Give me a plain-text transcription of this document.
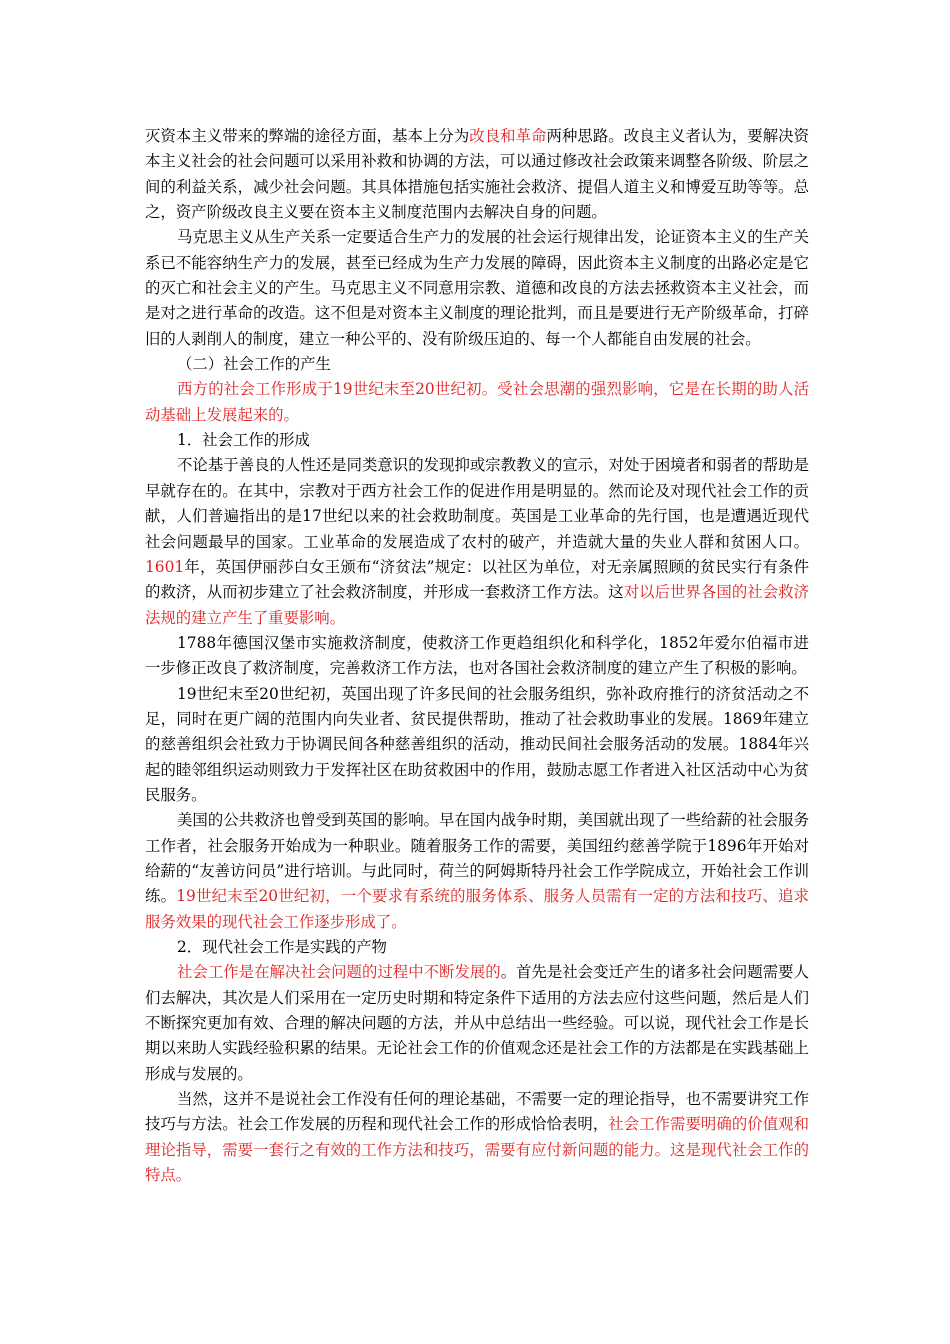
灭资本主义带来的弊端的途径方面，基本上分为改良和革命两种思路。改良主义者认为，要解决资本主义社会的社会问题可以采用补救和协调的方法，可以通过修改社会政策来调整各阶级、阶层之间的利益关系，减少社会问题。其具体措施包括实施社会救济、提倡人道主义和博爱互助等等。总之，资产阶级改良主义要在资本主义制度范围内去解决自身的问题。

马克思主义从生产关系一定要适合生产力的发展的社会运行规律出发，论证资本主义的生产关系已不能容纳生产力的发展，甚至已经成为生产力发展的障碍，因此资本主义制度的出路必定是它的灭亡和社会主义的产生。马克思主义不同意用宗教、道德和改良的方法去拯救资本主义社会，而是对之进行革命的改造。这不但是对资本主义制度的理论批判，而且是要进行无产阶级革命，打碎旧的人剥削人的制度，建立一种公平的、没有阶级压迫的、每一个人都能自由发展的社会。

（二）社会工作的产生

西方的社会工作形成于19世纪末至20世纪初。受社会思潮的强烈影响，它是在长期的助人活动基础上发展起来的。

1．社会工作的形成

不论基于善良的人性还是同类意识的发现抑或宗教教义的宣示，对处于困境者和弱者的帮助是早就存在的。在其中，宗教对于西方社会工作的促进作用是明显的。然而论及对现代社会工作的贡献，人们普遍指出的是17世纪以来的社会救助制度。英国是工业革命的先行国，也是遭遇近现代社会问题最早的国家。工业革命的发展造成了农村的破产，并造就大量的失业人群和贫困人口。1601年，英国伊丽莎白女王颁布“济贫法”规定：以社区为单位，对无亲属照顾的贫民实行有条件的救济，从而初步建立了社会救济制度，并形成一套救济工作方法。这对以后世界各国的社会救济法规的建立产生了重要影响。

1788年德国汉堡市实施救济制度，使救济工作更趋组织化和科学化，1852年爱尔伯福市进一步修正改良了救济制度，完善救济工作方法，也对各国社会救济制度的建立产生了积极的影响。

19世纪末至20世纪初，英国出现了许多民间的社会服务组织，弥补政府推行的济贫活动之不足，同时在更广阔的范围内向失业者、贫民提供帮助，推动了社会救助事业的发展。1869年建立的慈善组织会社致力于协调民间各种慈善组织的活动，推动民间社会服务活动的发展。1884年兴起的睦邻组织运动则致力于发挥社区在助贫救困中的作用，鼓励志愿工作者进入社区活动中心为贫民服务。

美国的公共救济也曾受到英国的影响。早在国内战争时期，美国就出现了一些给薪的社会服务工作者，社会服务开始成为一种职业。随着服务工作的需要，美国纽约慈善学院于1896年开始对给薪的“友善访问员”进行培训。与此同时，荷兰的阿姆斯特丹社会工作学院成立，开始社会工作训练。19世纪末至20世纪初，一个要求有系统的服务体系、服务人员需有一定的方法和技巧、追求服务效果的现代社会工作逐步形成了。

2．现代社会工作是实践的产物

社会工作是在解决社会问题的过程中不断发展的。首先是社会变迁产生的诸多社会问题需要人们去解决，其次是人们采用在一定历史时期和特定条件下适用的方法去应付这些问题，然后是人们不断探究更加有效、合理的解决问题的方法，并从中总结出一些经验。可以说，现代社会工作是长期以来助人实践经验积累的结果。无论社会工作的价值观念还是社会工作的方法都是在实践基础上形成与发展的。

当然，这并不是说社会工作没有任何的理论基础，不需要一定的理论指导，也不需要讲究工作技巧与方法。社会工作发展的历程和现代社会工作的形成恰恰表明，社会工作需要明确的价值观和理论指导，需要一套行之有效的工作方法和技巧，需要有应付新问题的能力。这是现代社会工作的特点。
